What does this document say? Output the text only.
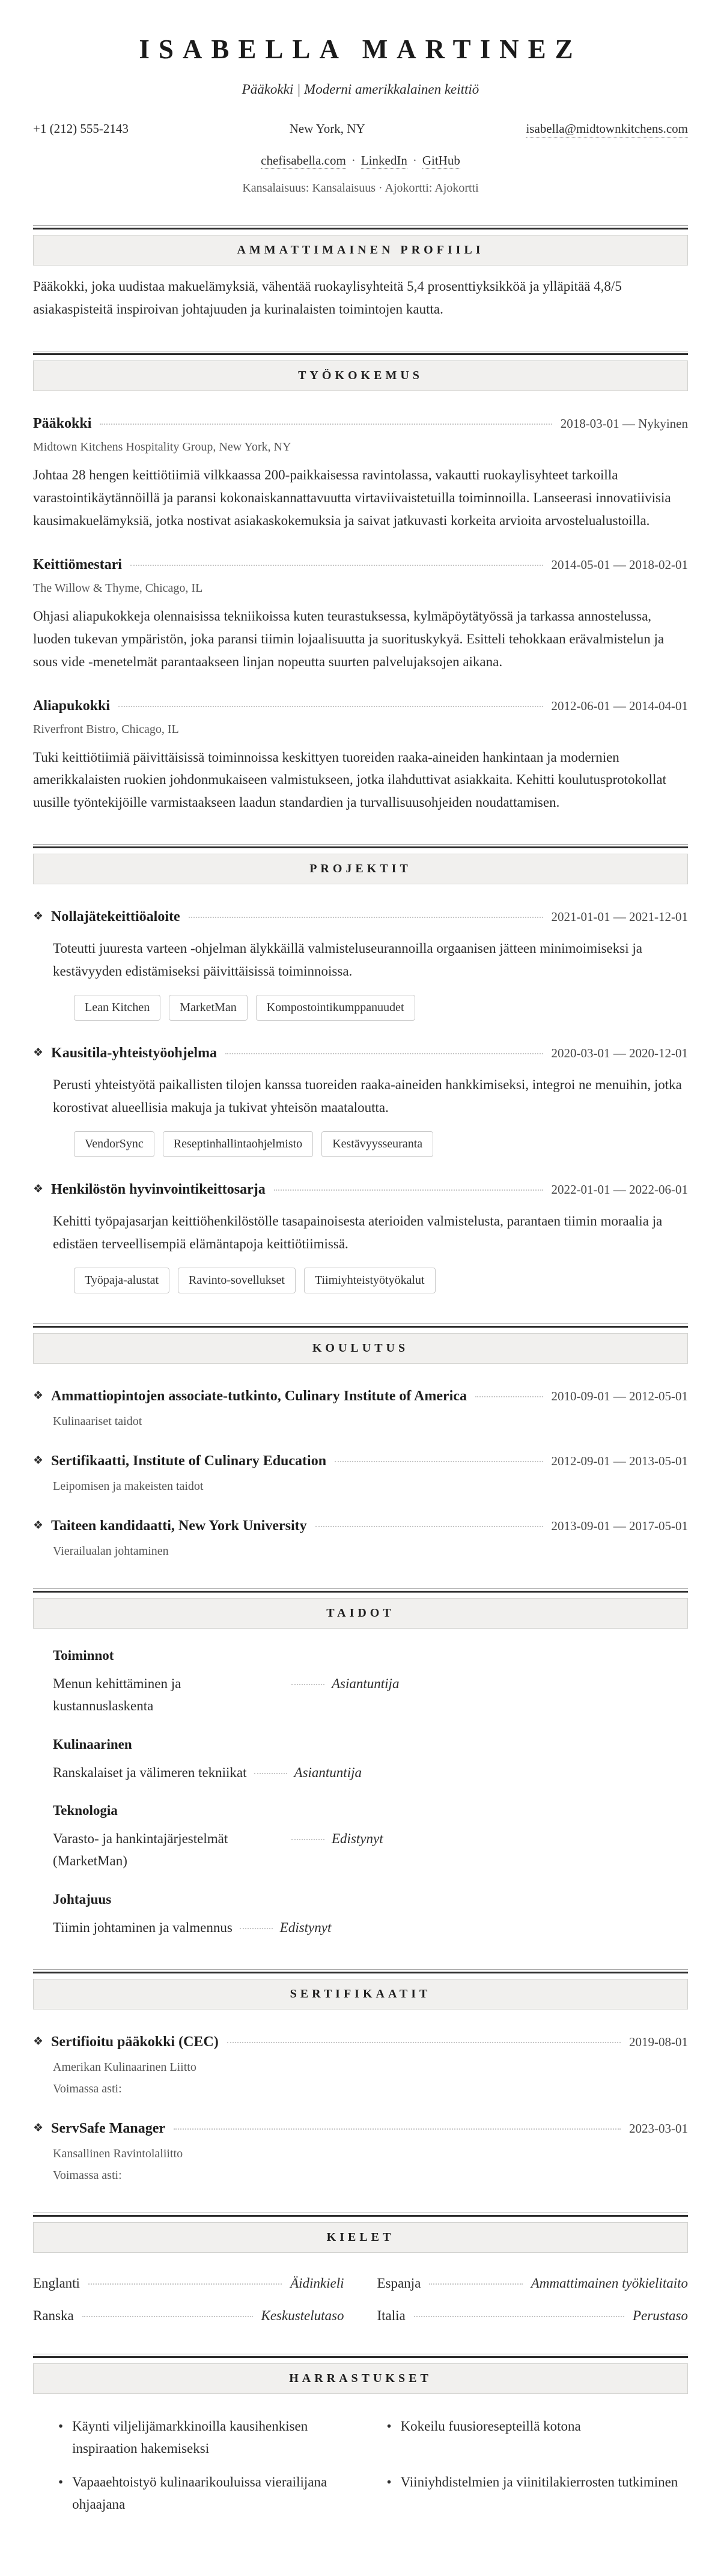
ISABELLA MARTINEZ
Pääkokki | Moderni amerikkalainen keittiö
+1 (212) 555-2143	New York, NY	isabella@midtownkitchens.com
chefisabella.com · LinkedIn · GitHub
Kansalaisuus: Kansalaisuus · Ajokortti: Ajokortti
AMMATTIMAINEN PROFIILI

Pääkokki, joka uudistaa makuelämyksiä, vähentää ruokaylisyhteitä 5,4 prosenttiyksikköä ja ylläpitää 4,8/5 asiakaspisteitä inspiroivan johtajuuden ja kurinalaisten toimintojen kautta.

TYÖKOKEMUS
Pääkokki	2018-03-01 — Nykyinen
Midtown Kitchens Hospitality Group, New York, NY

Johtaa 28 hengen keittiötiimiä vilkkaassa 200-paikkaisessa ravintolassa, vakautti ruokaylisyhteet tarkoilla varastointikäytännöillä ja paransi kokonaiskannattavuutta virtaviivaistetuilla toiminnoilla. Lanseerasi innovatiivisia kausimakuelämyksiä, jotka nostivat asiakaskokemuksia ja saivat jatkuvasti korkeita arvioita arvostelualustoilla.

Keittiömestari	2014-05-01 — 2018-02-01
The Willow & Thyme, Chicago, IL

Ohjasi aliapukokkeja olennaisissa tekniikoissa kuten teurastuksessa, kylmäpöytätyössä ja tarkassa annostelussa, luoden tukevan ympäristön, joka paransi tiimin lojaalisuutta ja suorituskykyä. Esitteli tehokkaan erävalmistelun ja sous vide -menetelmät parantaakseen linjan nopeutta suurten palvelujaksojen aikana.

Aliapukokki	2012-06-01 — 2014-04-01
Riverfront Bistro, Chicago, IL

Tuki keittiötiimiä päivittäisissä toiminnoissa keskittyen tuoreiden raaka-aineiden hankintaan ja modernien amerikkalaisten ruokien johdonmukaiseen valmistukseen, jotka ilahduttivat asiakkaita. Kehitti koulutusprotokollat uusille työntekijöille varmistaakseen laadun standardien ja turvallisuusohjeiden noudattamisen.

PROJEKTIT
❖ Nollajätekeittiöaloite	2021-01-01 — 2021-12-01

Toteutti juuresta varteen -ohjelman älykkäillä valmisteluseurannoilla orgaanisen jätteen minimoimiseksi ja kestävyyden edistämiseksi päivittäisissä toiminnoissa.

Lean Kitchen	MarketMan	Kompostointikumppanuudet
❖ Kausitila-yhteistyöohjelma	2020-03-01 — 2020-12-01

Perusti yhteistyötä paikallisten tilojen kanssa tuoreiden raaka-aineiden hankkimiseksi, integroi ne menuihin, jotka korostivat alueellisia makuja ja tukivat yhteisön maataloutta.

VendorSync	Reseptinhallintaohjelmisto	Kestävyysseuranta
❖ Henkilöstön hyvinvointikeittosarja	2022-01-01 — 2022-06-01

Kehitti työpajasarjan keittiöhenkilöstölle tasapainoisesta aterioiden valmistelusta, parantaen tiimin moraalia ja edistäen terveellisempiä elämäntapoja keittiötiimissä.

Työpaja-alustat	Ravinto-sovellukset	Tiimiyhteistyötyökalut
KOULUTUS
❖ Ammattiopintojen associate-tutkinto, Culinary Institute of America	2010-09-01 — 2012-05-01
Kulinaariset taidot
❖ Sertifikaatti, Institute of Culinary Education	2012-09-01 — 2013-05-01
Leipomisen ja makeisten taidot
❖ Taiteen kandidaatti, New York University	2013-09-01 — 2017-05-01
Vierailualan johtaminen
TAIDOT
Toiminnot
Menun kehittäminen ja kustannuslaskenta
Asiantuntija
Kulinaarinen
Ranskalaiset ja välimeren tekniikat	Asiantuntija
Teknologia
Varasto- ja hankintajärjestelmät (MarketMan)
Edistynyt
Johtajuus
Tiimin johtaminen ja valmennus	Edistynyt
SERTIFIKAATIT
❖ Sertifioitu pääkokki (CEC)	2019-08-01
Amerikan Kulinaarinen Liitto
Voimassa asti:
❖ ServSafe Manager	2023-03-01
Kansallinen Ravintolaliitto
Voimassa asti:
KIELET
Englanti	Äidinkieli Espanja	Ammattimainen työkielitaito
Ranska	Keskustelutaso Italia	Perustaso
HARRASTUKSET
• Käynti viljelijämarkkinoilla kausihenkisen inspiraation hakemiseksi
• Vapaaehtoistyö kulinaarikouluissa vierailijana ohjaajana
• Kokeilu fuusioresepteillä kotona
• Viiniyhdistelmien ja viinitilakierrosten tutkiminen
